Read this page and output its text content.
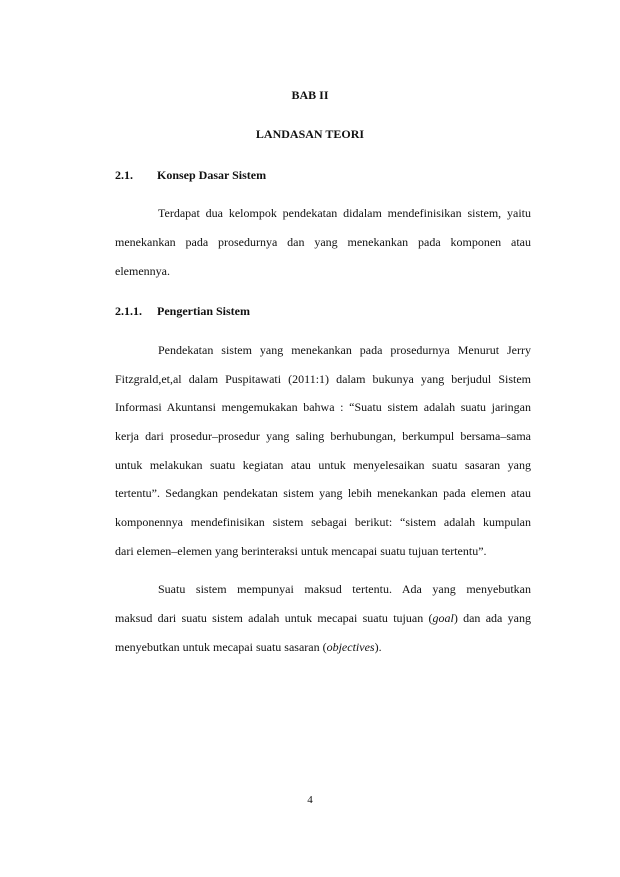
BAB II
LANDASAN TEORI
2.1. Konsep Dasar Sistem
Terdapat dua kelompok pendekatan didalam mendefinisikan sistem, yaitu
menekankan pada prosedurnya dan yang menekankan pada komponen atau
elemennya.
2.1.1. Pengertian Sistem
Pendekatan sistem yang menekankan pada prosedurnya Menurut Jerry
Fitzgrald,et,al dalam Puspitawati (2011:1) dalam bukunya yang berjudul Sistem
Informasi Akuntansi mengemukakan bahwa : “Suatu sistem adalah suatu jaringan
kerja dari prosedur–prosedur yang saling berhubungan, berkumpul bersama–sama
untuk melakukan suatu kegiatan atau untuk menyelesaikan suatu sasaran yang
tertentu”. Sedangkan pendekatan sistem yang lebih menekankan pada elemen atau
komponennya mendefinisikan sistem sebagai berikut: “sistem adalah kumpulan
dari elemen–elemen yang berinteraksi untuk mencapai suatu tujuan tertentu”.
Suatu sistem mempunyai maksud tertentu. Ada yang menyebutkan
maksud dari suatu sistem adalah untuk mecapai suatu tujuan (goal) dan ada yang
menyebutkan untuk mecapai suatu sasaran (objectives).
4
